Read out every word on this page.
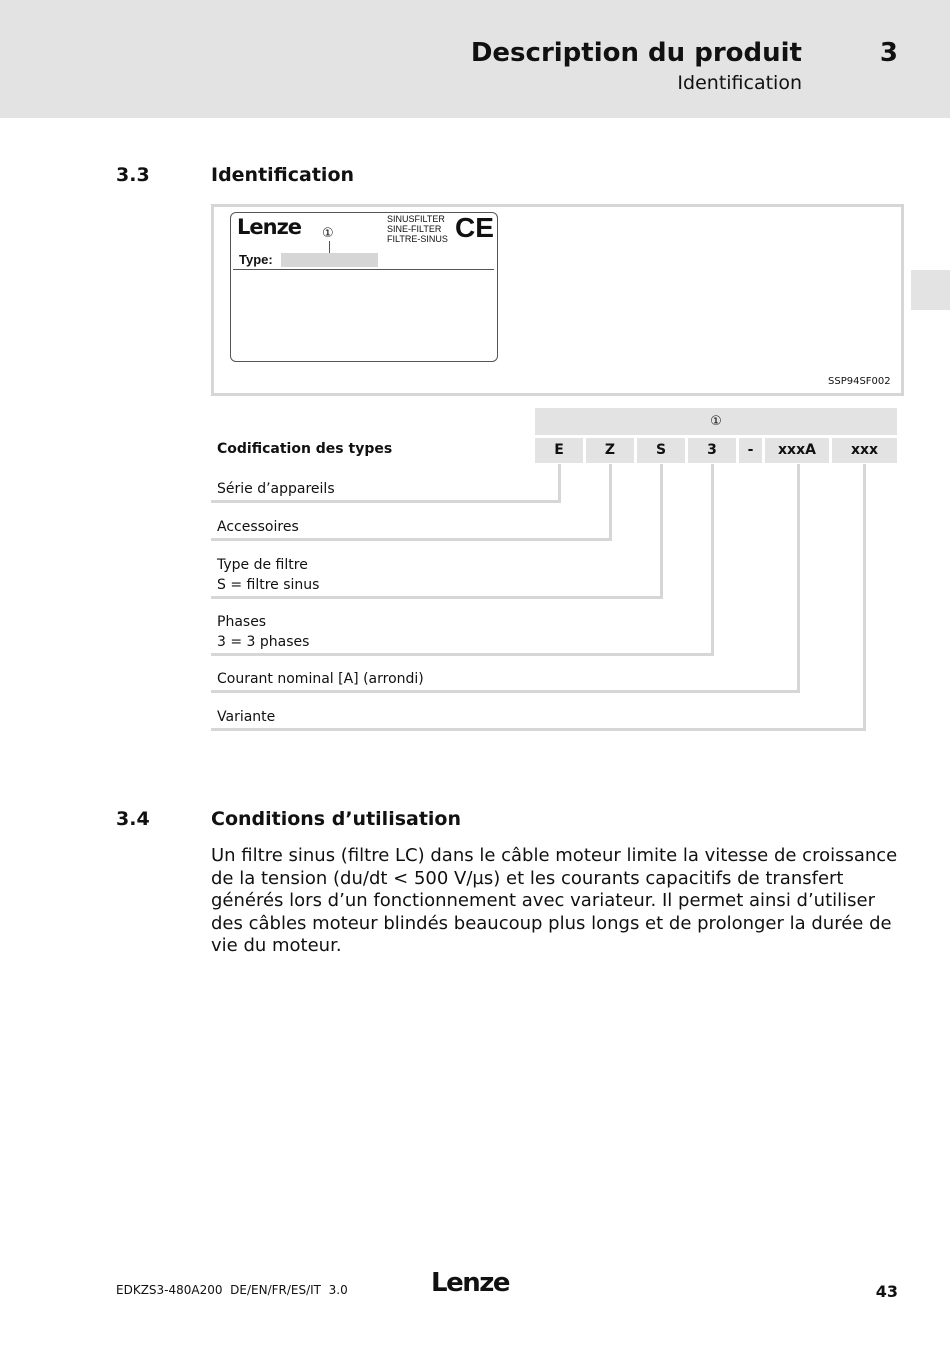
Description du produit
Identification
3
3.3	Identification
Lenze ①
SINUSFILTER
SINE-FILTER
FILTRE-SINUS CE
Type:
SSP94SF002
①
E	Z	S	3	-	xxxA	xxx
Codification des types
Série d’appareils
Accessoires
Type de filtre
S = filtre sinus
Phases
3 = 3 phases
Courant nominal [A] (arrondi)
Variante
3.4	Conditions d’utilisation
Un filtre sinus (filtre LC) dans le câble moteur limite la vitesse de croissance de la tension (du/dt < 500 V/µs) et les courants capacitifs de transfert générés lors d’un fonctionnement avec variateur. Il permet ainsi d’utiliser des câbles moteur blindés beaucoup plus longs et de prolonger la durée de vie du moteur.
EDKZS3-480A200  DE/EN/FR/ES/IT  3.0	Lenze	43
